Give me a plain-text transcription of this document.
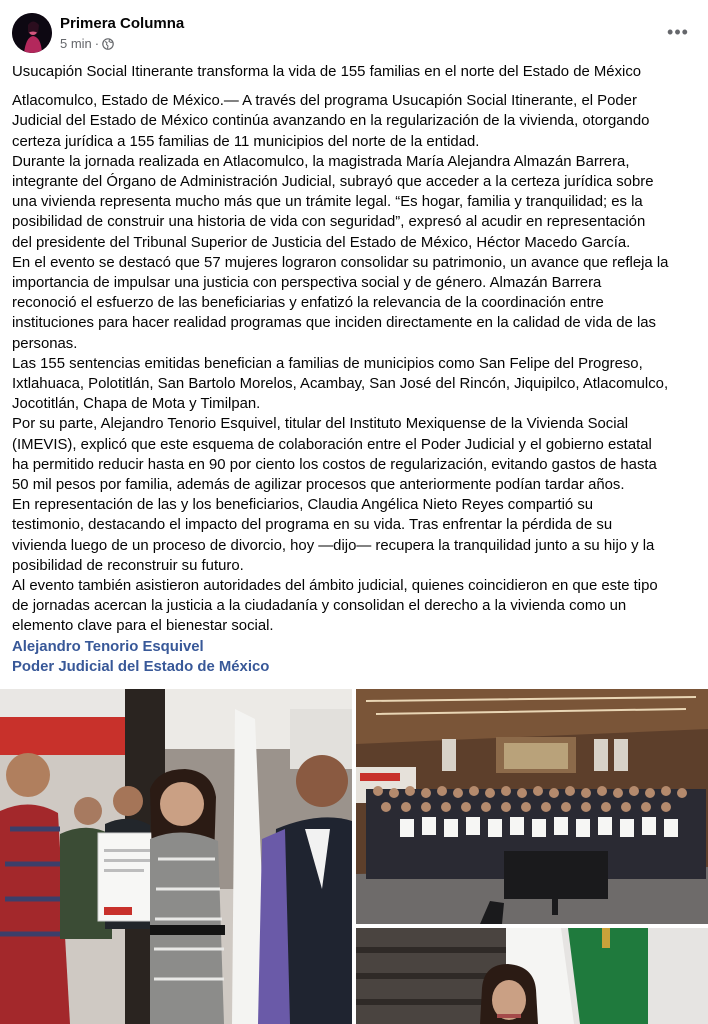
Primera Columna
5 min ·
•••

Usucapión Social Itinerante transforma la vida de 155 familias en el norte del Estado de México

Atlacomulco, Estado de México.— A través del programa Usucapión Social Itinerante, el Poder

Judicial del Estado de México continúa avanzando en la regularización de la vivienda, otorgando

certeza jurídica a 155 familias de 11 municipios del norte de la entidad.

Durante la jornada realizada en Atlacomulco, la magistrada María Alejandra Almazán Barrera,

integrante del Órgano de Administración Judicial, subrayó que acceder a la certeza jurídica sobre

una vivienda representa mucho más que un trámite legal. “Es hogar, familia y tranquilidad; es la

posibilidad de construir una historia de vida con seguridad”, expresó al acudir en representación

del presidente del Tribunal Superior de Justicia del Estado de México, Héctor Macedo García.

En el evento se destacó que 57 mujeres lograron consolidar su patrimonio, un avance que refleja la

importancia de impulsar una justicia con perspectiva social y de género. Almazán Barrera

reconoció el esfuerzo de las beneficiarias y enfatizó la relevancia de la coordinación entre

instituciones para hacer realidad programas que inciden directamente en la calidad de vida de las

personas.

Las 155 sentencias emitidas benefician a familias de municipios como San Felipe del Progreso,

Ixtlahuaca, Polotitlán, San Bartolo Morelos, Acambay, San José del Rincón, Jiquipilco, Atlacomulco,

Jocotitlán, Chapa de Mota y Timilpan.

Por su parte, Alejandro Tenorio Esquivel, titular del Instituto Mexiquense de la Vivienda Social

(IMEVIS), explicó que este esquema de colaboración entre el Poder Judicial y el gobierno estatal

ha permitido reducir hasta en 90 por ciento los costos de regularización, evitando gastos de hasta

50 mil pesos por familia, además de agilizar procesos que anteriormente podían tardar años.

En representación de las y los beneficiarios, Claudia Angélica Nieto Reyes compartió su

testimonio, destacando el impacto del programa en su vida. Tras enfrentar la pérdida de su

vivienda luego de un proceso de divorcio, hoy —dijo— recupera la tranquilidad junto a su hijo y la

posibilidad de reconstruir su futuro.

Al evento también asistieron autoridades del ámbito judicial, quienes coincidieron en que este tipo

de jornadas acercan la justicia a la ciudadanía y consolidan el derecho a la vivienda como un

elemento clave para el bienestar social.

Alejandro Tenorio Esquivel

Poder Judicial del Estado de México
